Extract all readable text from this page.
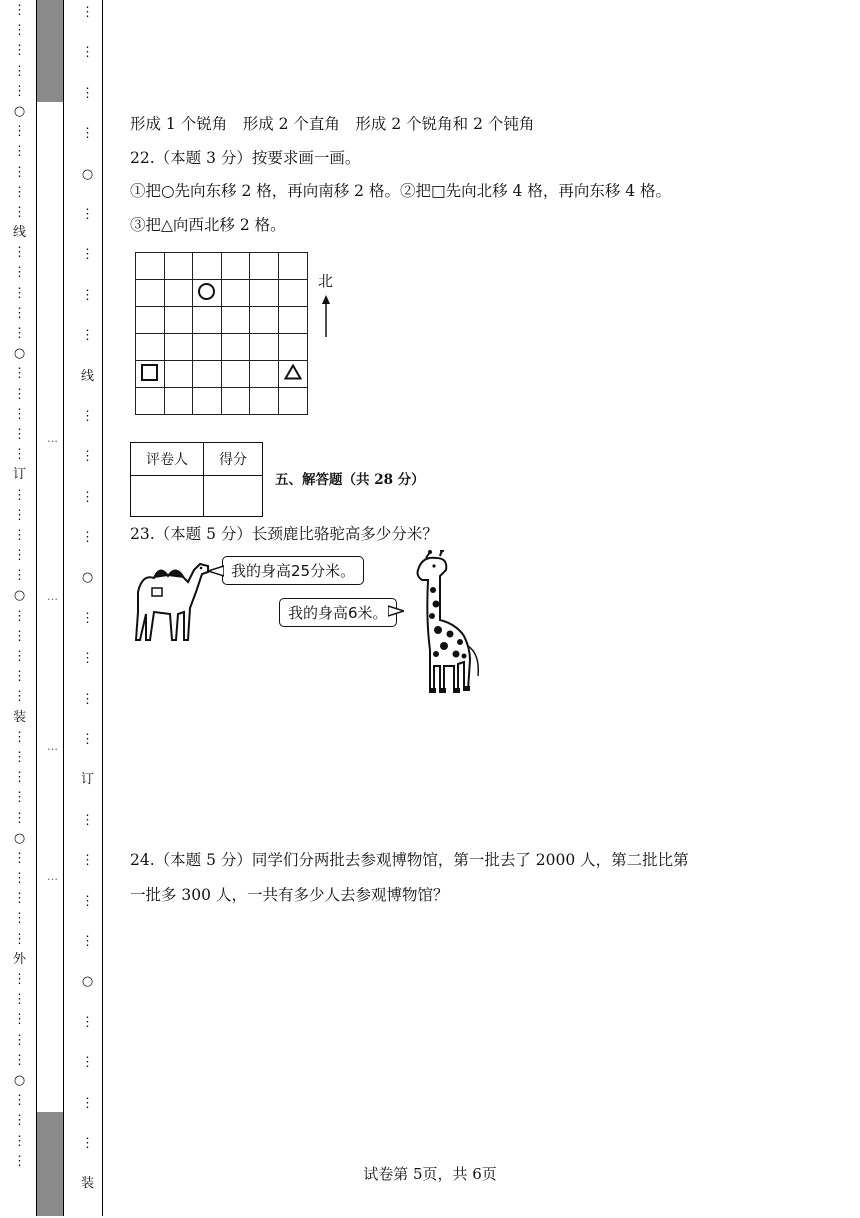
⋮
⋮
⋮
⋮
⋮
○
⋮
⋮
⋮
⋮
⋮
线
⋮
⋮
⋮
⋮
⋮
○
⋮
⋮
⋮
⋮
⋮
订
⋮
⋮
⋮
⋮
⋮
○
⋮
⋮
⋮
⋮
⋮
装
⋮
⋮
⋮
⋮
⋮
○
⋮
⋮
⋮
⋮
⋮
外
⋮
⋮
⋮
⋮
⋮
○
⋮
⋮
⋮
⋮
…
…
…
…
⋮
⋮
⋮
⋮
○
⋮
⋮
⋮
⋮
线
⋮
⋮
⋮
⋮
○
⋮
⋮
⋮
⋮
订
⋮
⋮
⋮
⋮
○
⋮
⋮
⋮
⋮
装
形成 1 个锐角　形成 2 个直角　形成 2 个锐角和 2 个钝角
22.（本题 3 分）按要求画一画。
①把○先向东移 2 格，再向南移 2 格。②把□先向北移 4 格，再向东移 4 格。
③把△向西北移 2 格。

北
评卷人	得分

五、解答题（共 28 分）
23.（本题 5 分）长颈鹿比骆驼高多少分米？
我的身高25分米。
我的身高6米。
24.（本题 5 分）同学们分两批去参观博物馆，第一批去了 2000 人，第二批比第
一批多 300 人，一共有多少人去参观博物馆？
试卷第 5页，共 6页
